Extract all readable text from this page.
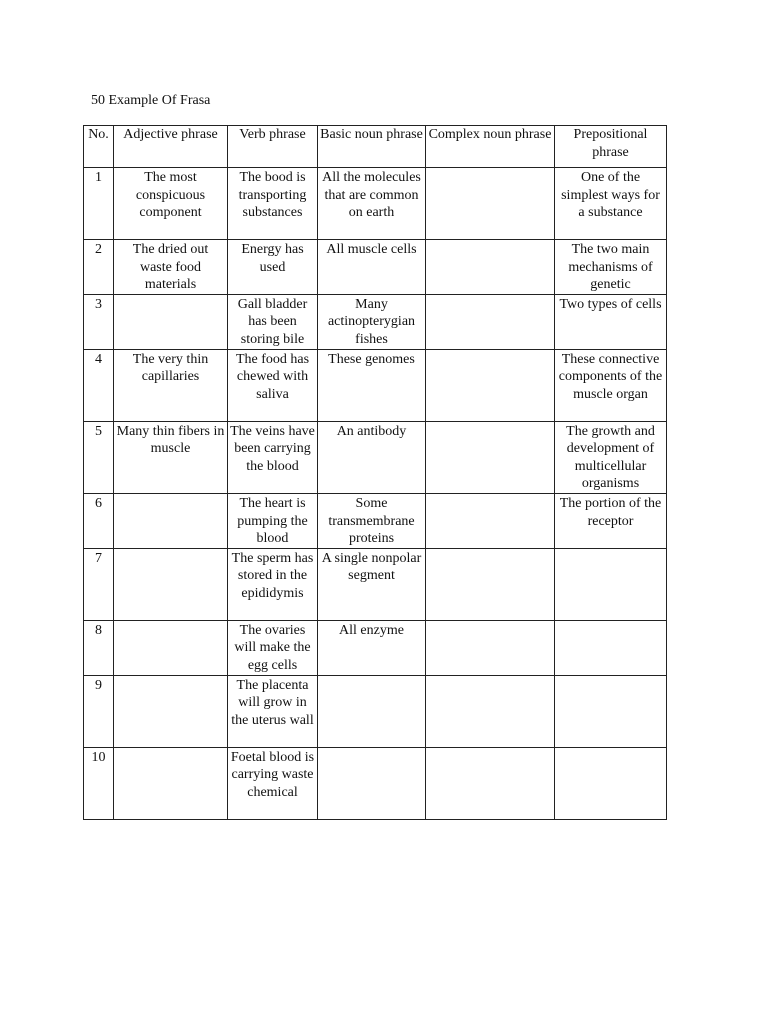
50 Example Of Frasa
No.	Adjective phrase	Verb phrase	Basic noun phrase	Complex noun phrase	Prepositional phrase
1	The most conspicuous component	The bood is transporting substances	All the molecules that are common on earth		One of the simplest ways for a substance
2	The dried out waste food materials	Energy has used	All muscle cells		The two main mechanisms of genetic
3		Gall bladder has been storing bile	Many actinopterygian fishes		Two types of cells
4	The very thin capillaries	The food has chewed with saliva	These genomes		These connective components of the muscle organ
5	Many thin fibers in muscle	The veins have been carrying the blood	An antibody		The growth and development of multicellular organisms
6		The heart is pumping the blood	Some transmembrane proteins		The portion of the receptor
7		The sperm has stored in the epididymis	A single nonpolar segment		
8		The ovaries will make the egg cells	All enzyme		
9		The placenta will grow in the uterus wall			
10		Foetal blood is carrying waste chemical			
